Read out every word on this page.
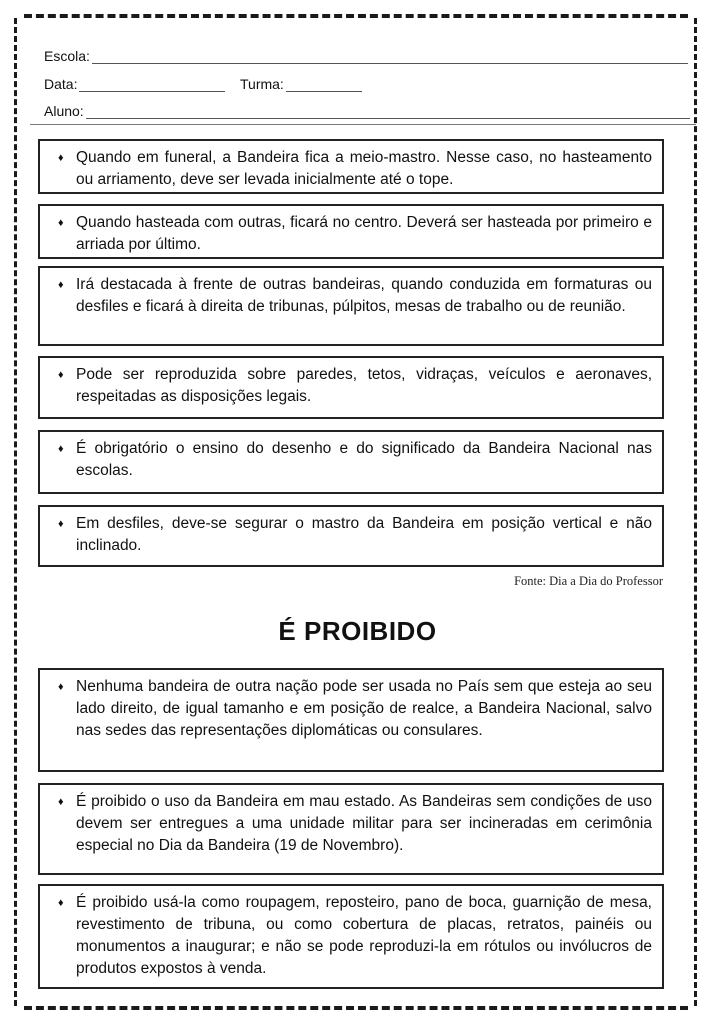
Escola:
Data:	Turma:
Aluno:
♦ Quando em funeral, a Bandeira fica a meio-mastro. Nesse caso, no hasteamento ou arriamento, deve ser levada inicialmente até o tope.
♦ Quando hasteada com outras, ficará no centro. Deverá ser hasteada por primeiro e arriada por último.
♦ Irá destacada à frente de outras bandeiras, quando conduzida em formaturas ou desfiles e ficará à direita de tribunas, púlpitos, mesas de trabalho ou de reunião.
♦ Pode ser reproduzida sobre paredes, tetos, vidraças, veículos e aeronaves, respeitadas as disposições legais.
♦ É obrigatório o ensino do desenho e do significado da Bandeira Nacional nas escolas.
♦ Em desfiles, deve-se segurar o mastro da Bandeira em posição vertical e não inclinado.
Fonte: Dia a Dia do Professor
É PROIBIDO
♦ Nenhuma bandeira de outra nação pode ser usada no País sem que esteja ao seu lado direito, de igual tamanho e em posição de realce, a Bandeira Nacional, salvo nas sedes das representações diplomáticas ou consulares.
♦ É proibido o uso da Bandeira em mau estado. As Bandeiras sem condições de uso devem ser entregues a uma unidade militar para ser incineradas em cerimônia especial no Dia da Bandeira (19 de Novembro).
♦ É proibido usá-la como roupagem, reposteiro, pano de boca, guarnição de mesa, revestimento de tribuna, ou como cobertura de placas, retratos, painéis ou monumentos a inaugurar; e não se pode reproduzi-la em rótulos ou invólucros de produtos expostos à venda.
